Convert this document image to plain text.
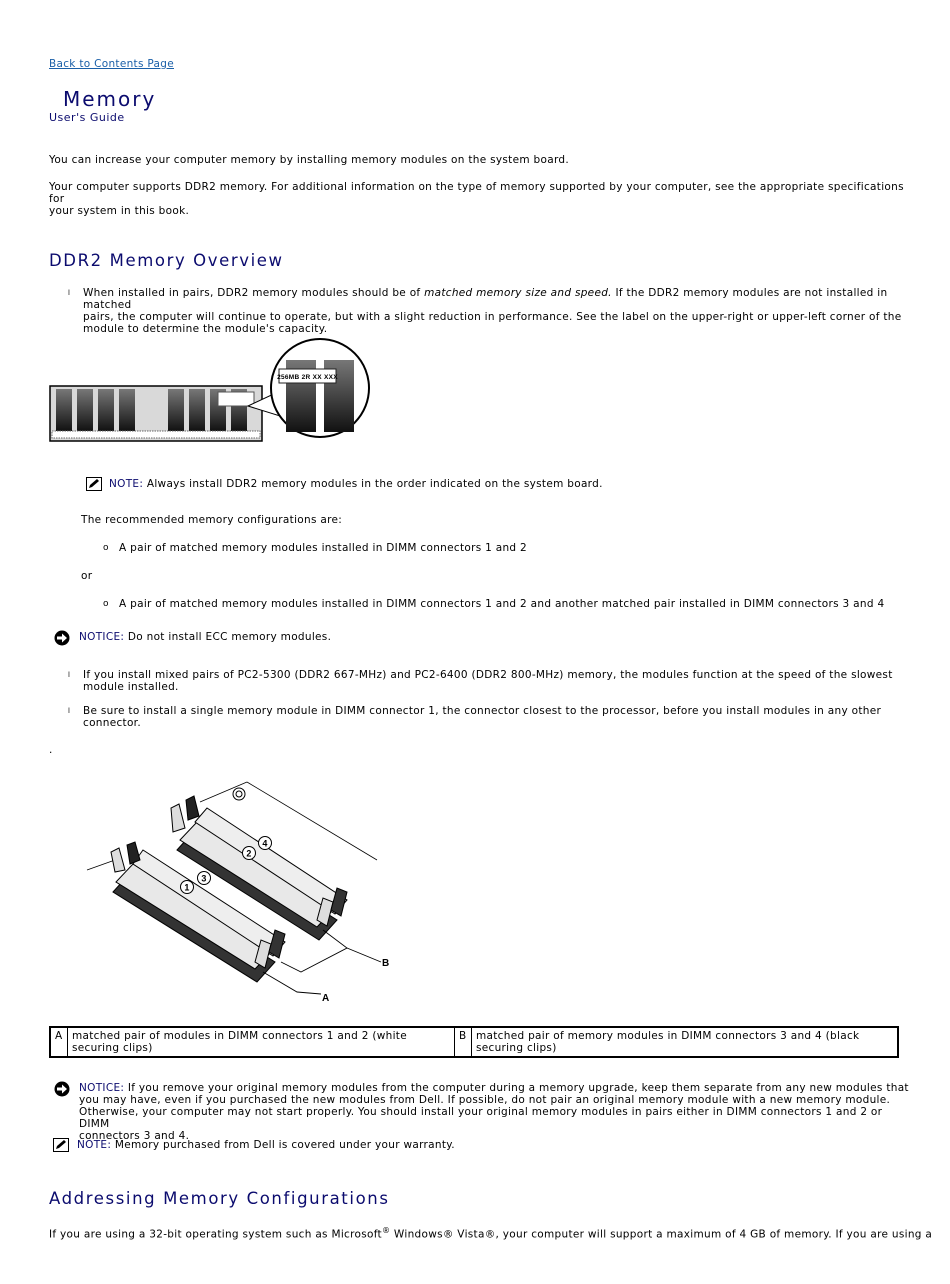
Back to Contents Page
Memory
User's Guide
You can increase your computer memory by installing memory modules on the system board.
Your computer supports DDR2 memory. For additional information on the type of memory supported by your computer, see the appropriate specifications for
your system in this book.
DDR2 Memory Overview
l When installed in pairs, DDR2 memory modules should be of matched memory size and speed. If the DDR2 memory modules are not installed in matched
pairs, the computer will continue to operate, but with a slight reduction in performance. See the label on the upper-right or upper-left corner of the
module to determine the module's capacity.
256MB 2R XX XXX
NOTE: Always install DDR2 memory modules in the order indicated on the system board.
The recommended memory configurations are:
o A pair of matched memory modules installed in DIMM connectors 1 and 2
or
o A pair of matched memory modules installed in DIMM connectors 1 and 2 and another matched pair installed in DIMM connectors 3 and 4
NOTICE: Do not install ECC memory modules.
l If you install mixed pairs of PC2-5300 (DDR2 667-MHz) and PC2-6400 (DDR2 800-MHz) memory, the modules function at the speed of the slowest
module installed.
l Be sure to install a single memory module in DIMM connector 1, the connector closest to the processor, before you install modules in any other
connector.
.
1
3
2
4
B
A
A	matched pair of modules in DIMM connectors 1 and 2 (white securing clips)	B	matched pair of memory modules in DIMM connectors 3 and 4 (black securing clips)
NOTICE: If you remove your original memory modules from the computer during a memory upgrade, keep them separate from any new modules that
you may have, even if you purchased the new modules from Dell. If possible, do not pair an original memory module with a new memory module.
Otherwise, your computer may not start properly. You should install your original memory modules in pairs either in DIMM connectors 1 and 2 or DIMM
connectors 3 and 4.
NOTE: Memory purchased from Dell is covered under your warranty.
Addressing Memory Configurations
If you are using a 32-bit operating system such as Microsoft® Windows® Vista®, your computer will support a maximum of 4 GB of memory. If you are using a
